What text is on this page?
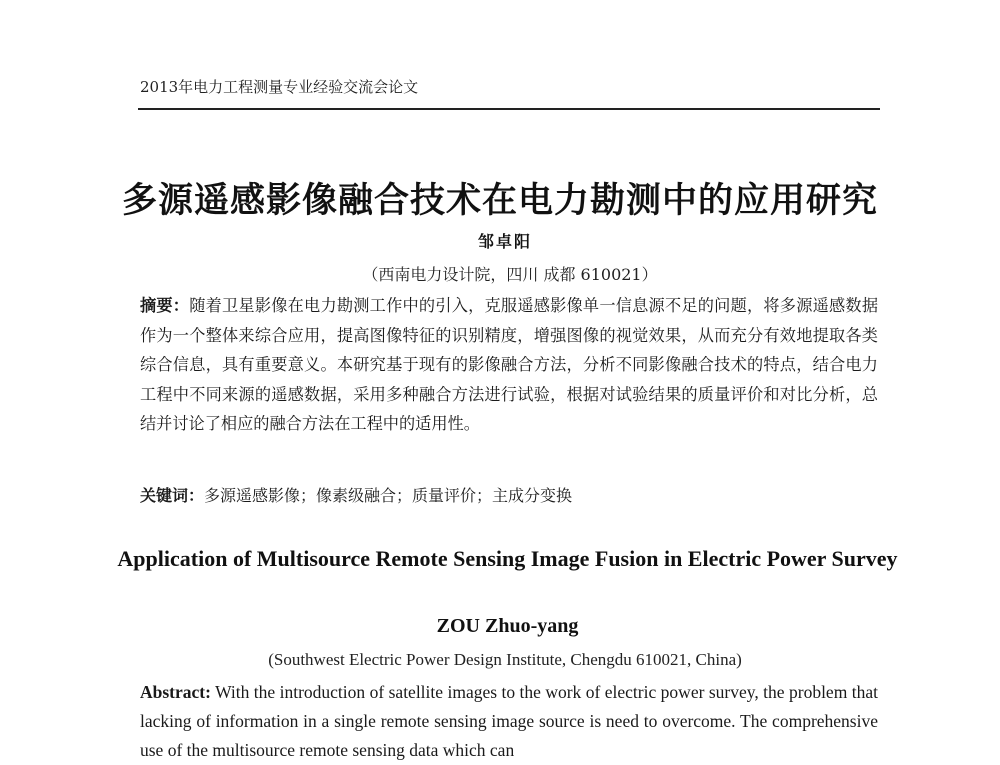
2013年电力工程测量专业经验交流会论文
多源遥感影像融合技术在电力勘测中的应用研究
邹卓阳
（西南电力设计院，四川 成都 610021）
摘要：随着卫星影像在电力勘测工作中的引入，克服遥感影像单一信息源不足的问题，将多源遥感数据作为一个整体来综合应用，提高图像特征的识别精度，增强图像的视觉效果，从而充分有效地提取各类综合信息，具有重要意义。本研究基于现有的影像融合方法，分析不同影像融合技术的特点，结合电力工程中不同来源的遥感数据，采用多种融合方法进行试验，根据对试验结果的质量评价和对比分析，总结并讨论了相应的融合方法在工程中的适用性。
关键词：多源遥感影像；像素级融合；质量评价；主成分变换
Application of Multisource Remote Sensing Image Fusion in Electric Power Survey
ZOU Zhuo-yang
(Southwest Electric Power Design Institute, Chengdu 610021, China)
Abstract: With the introduction of satellite images to the work of electric power survey, the problem that lacking of information in a single remote sensing image source is need to overcome. The comprehensive use of the multisource remote sensing data which can
